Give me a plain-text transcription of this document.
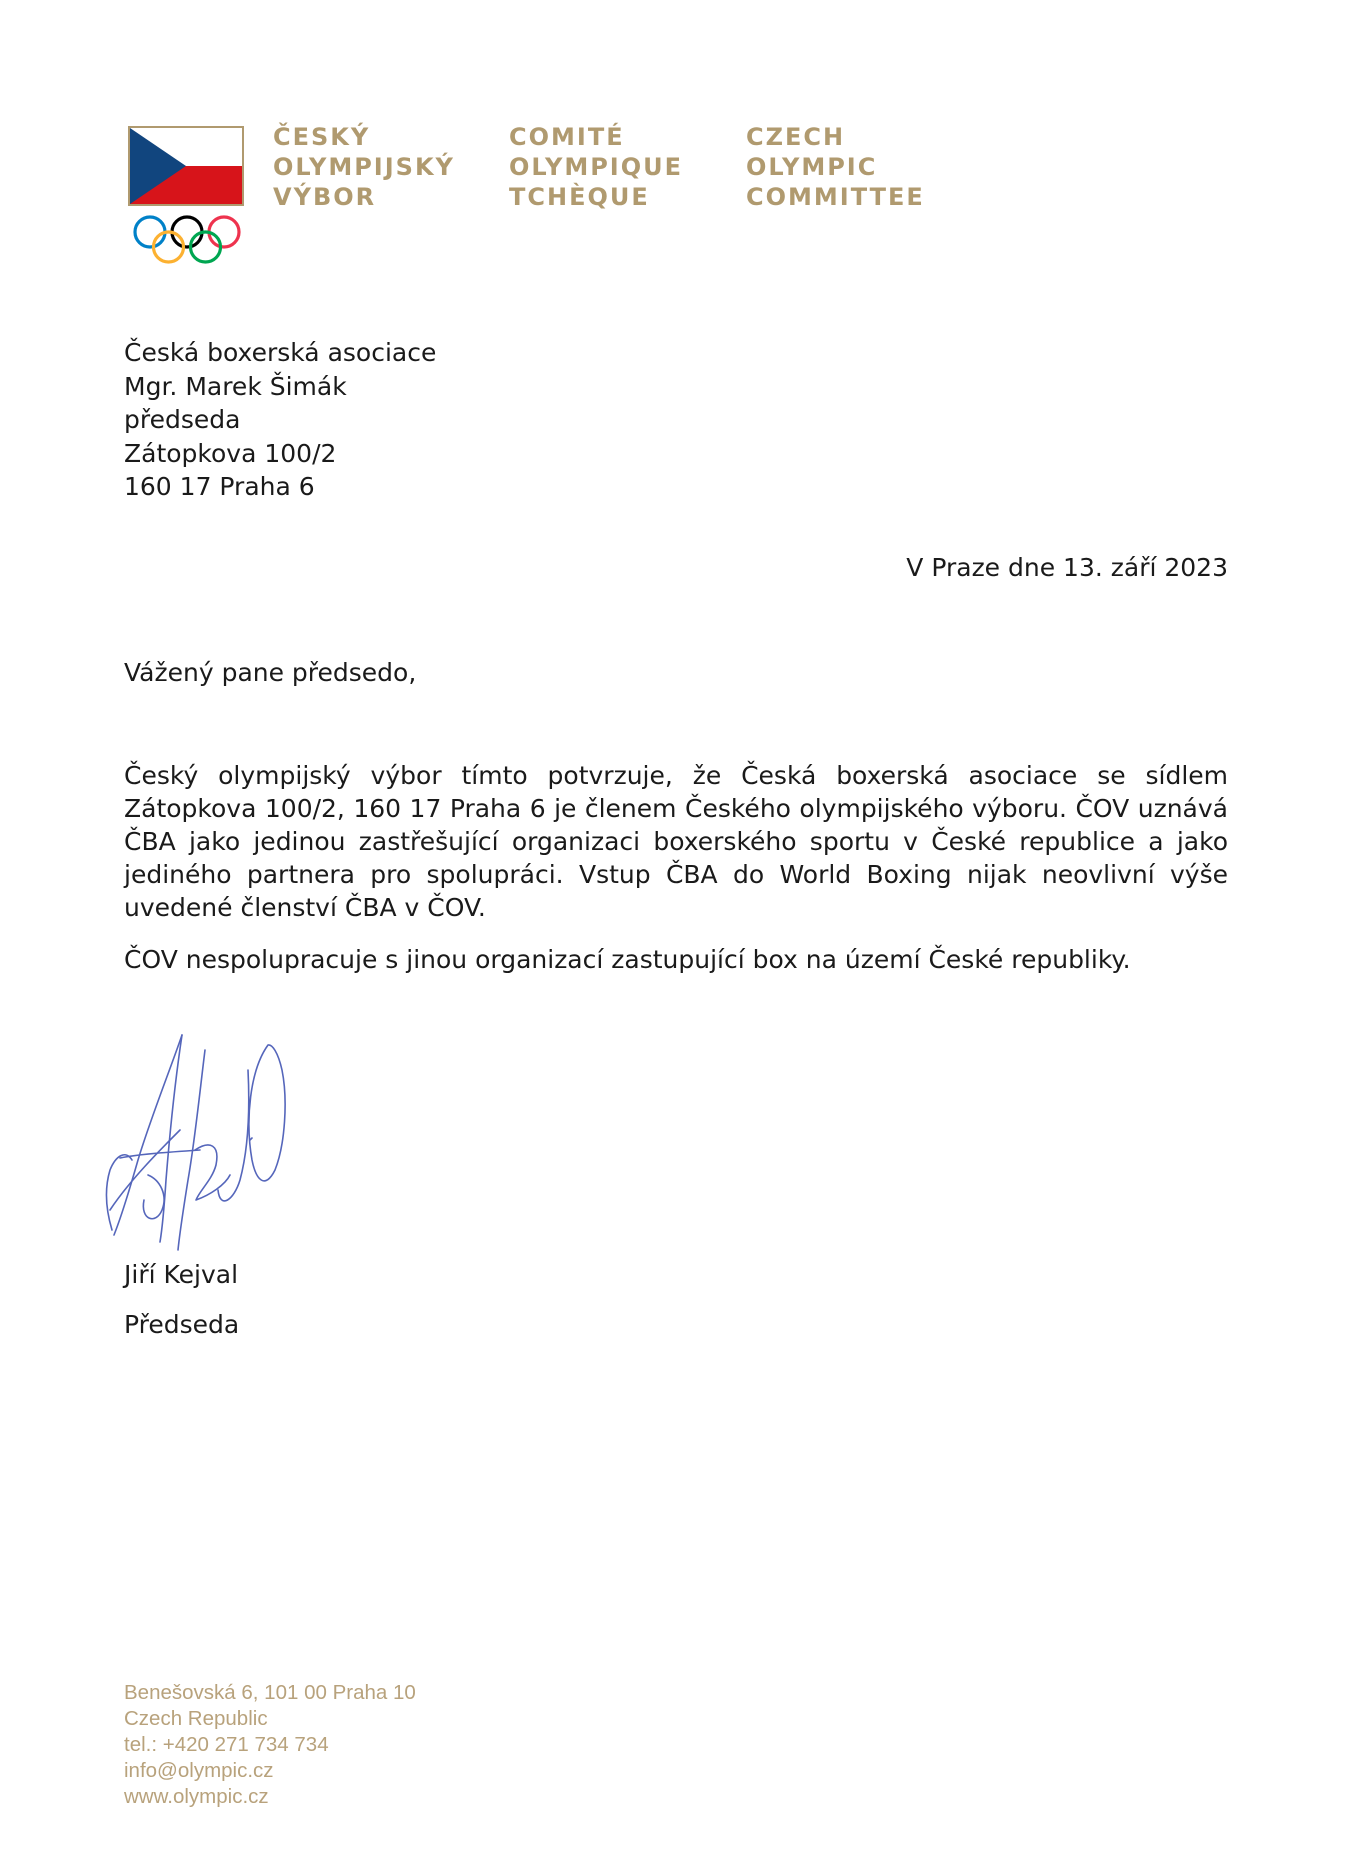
ČESKÝ
OLYMPIJSKÝ
VÝBOR
COMITÉ
OLYMPIQUE
TCHÈQUE
CZECH
OLYMPIC
COMMITTEE
Česká boxerská asociace
Mgr. Marek Šimák
předseda
Zátopkova 100/2
160 17 Praha 6
V Praze dne 13. září 2023
Vážený pane předsedo,

Český olympijský výbor tímto potvrzuje, že Česká boxerská asociace se sídlem Zátopkova 100/2, 160 17 Praha 6 je členem Českého olympijského výboru. ČOV uznává ČBA jako jedinou zastřešující organizaci boxerského sportu v České republice a jako jediného partnera pro spolupráci. Vstup ČBA do World Boxing nijak neovlivní výše uvedené členství ČBA v ČOV.

ČOV nespolupracuje s jinou organizací zastupující box na území České republiky.

Jiří Kejval
Předseda
Benešovská 6, 101 00 Praha 10
Czech Republic
tel.: +420 271 734 734
info@olympic.cz
www.olympic.cz
